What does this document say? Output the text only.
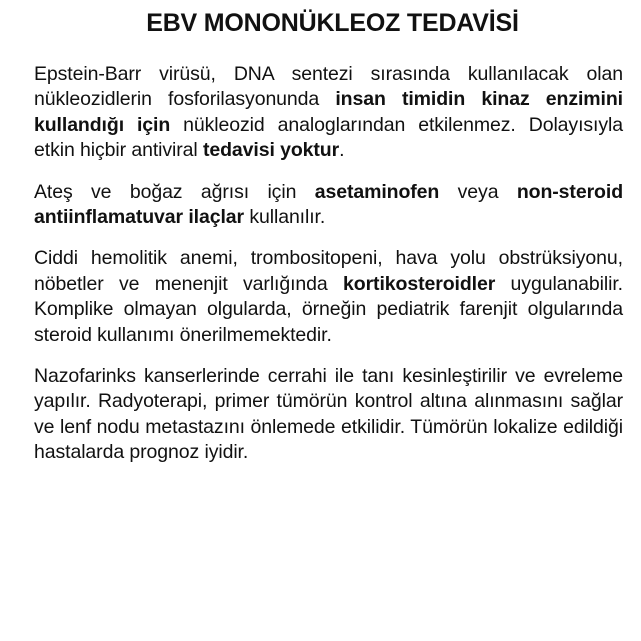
EBV MONONÜKLEOZ TEDAVİSİ

Epstein-Barr virüsü, DNA sentezi sırasında kullanılacak olan nükleozidlerin fosforilasyonunda insan timidin kinaz enzimini kullandığı için nükleozid analoglarından etkilenmez. Dolayısıyla etkin hiçbir antiviral tedavisi yoktur.

Ateş ve boğaz ağrısı için asetaminofen veya non-steroid antiinflamatuvar ilaçlar kullanılır.

Ciddi hemolitik anemi, trombositopeni, hava yolu obstrüksiyonu, nöbetler ve menenjit varlığında kortikosteroidler uygulanabilir. Komplike olmayan olgularda, örneğin pediatrik farenjit olgularında steroid kullanımı önerilmemektedir.

Nazofarinks kanserlerinde cerrahi ile tanı kesinleştirilir ve evreleme yapılır. Radyoterapi, primer tümörün kontrol altına alınmasını sağlar ve lenf nodu metastazını önlemede etkilidir. Tümörün lokalize edildiği hastalarda prognoz iyidir.
